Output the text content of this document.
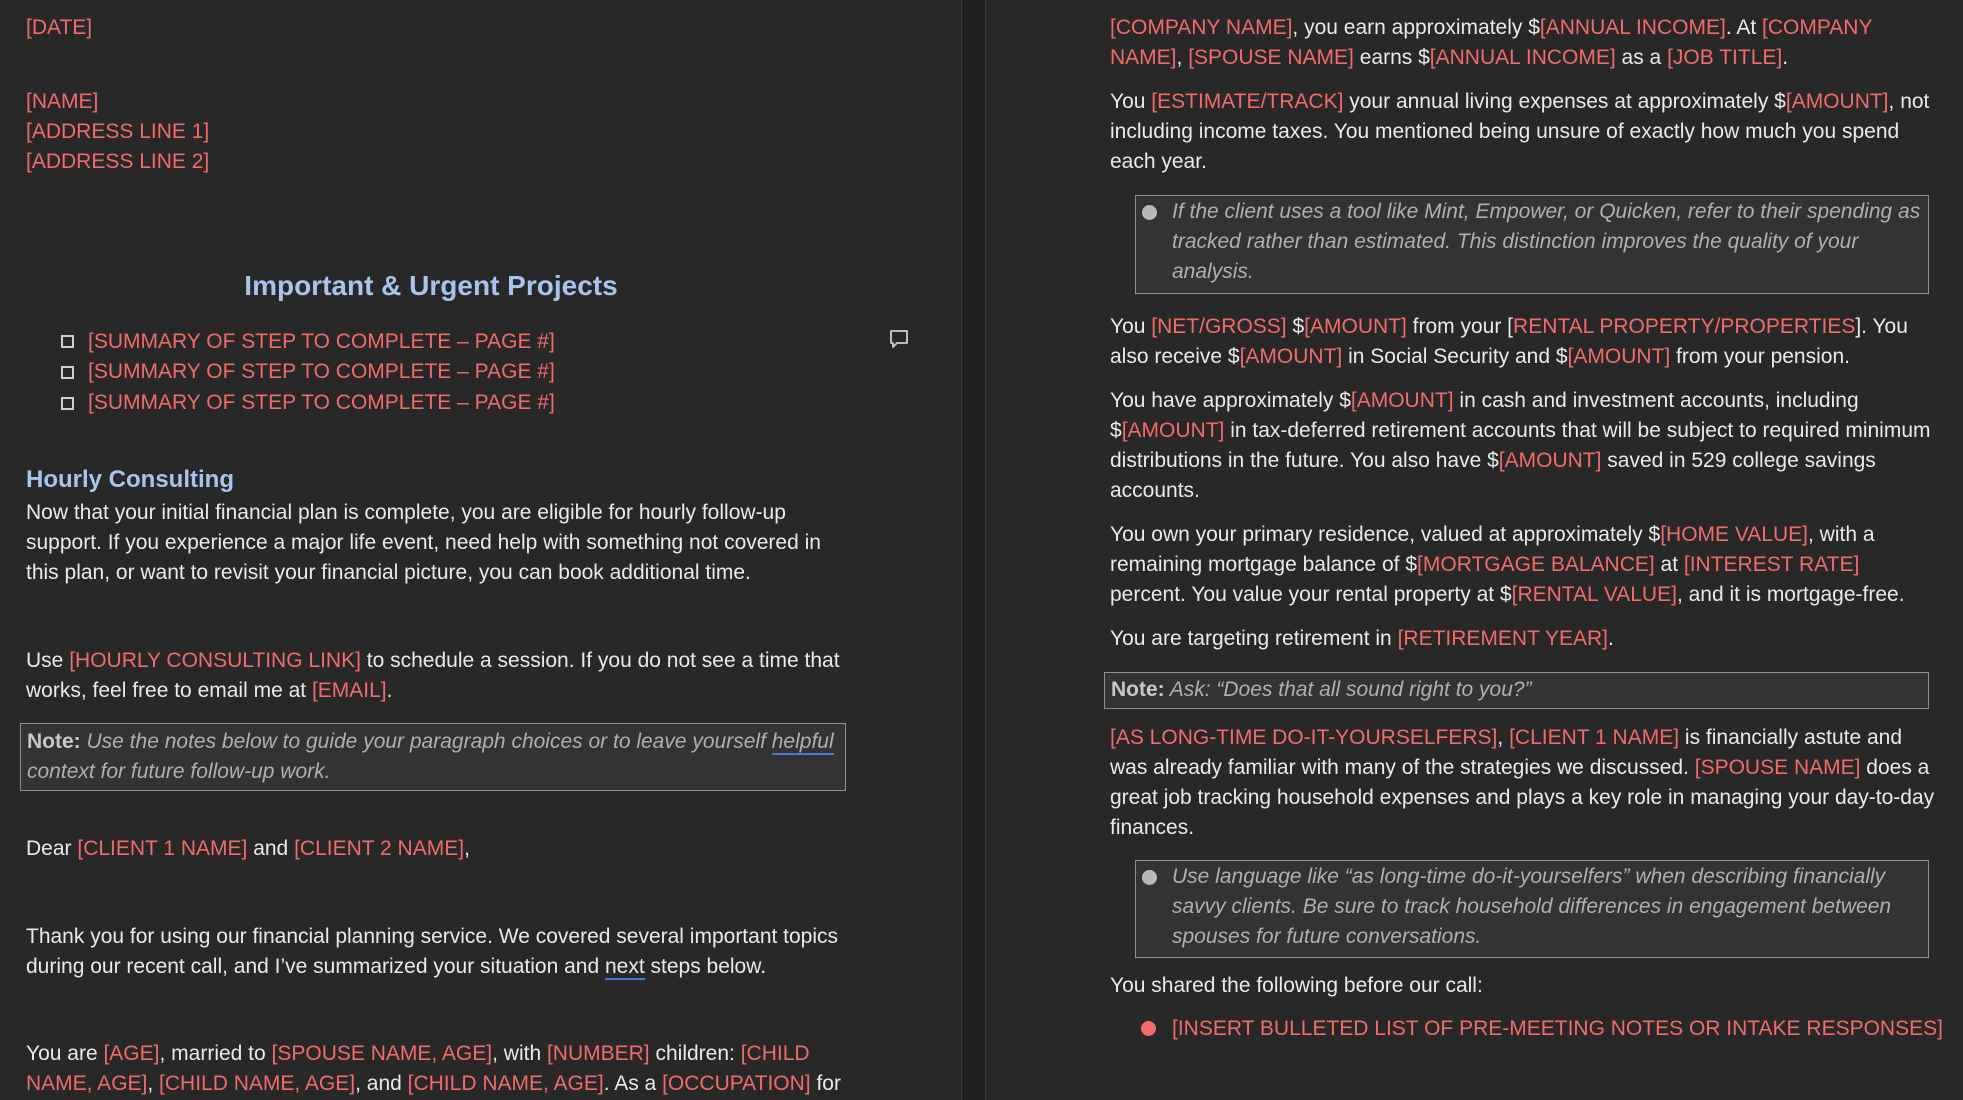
[DATE]

[NAME]
[ADDRESS LINE 1]
[ADDRESS LINE 2]

Important & Urgent Projects

[SUMMARY OF STEP TO COMPLETE – PAGE #]

[SUMMARY OF STEP TO COMPLETE – PAGE #]

[SUMMARY OF STEP TO COMPLETE – PAGE #]

Hourly Consulting

Now that your initial financial plan is complete, you are eligible for hourly follow-up support. If you experience a major life event, need help with something not covered in this plan, or want to revisit your financial picture, you can book additional time.

Use [HOURLY CONSULTING LINK] to schedule a session. If you do not see a time that works, feel free to email me at [EMAIL].

Note: Use the notes below to guide your paragraph choices or to leave yourself helpful context for future follow-up work.

Dear [CLIENT 1 NAME] and [CLIENT 2 NAME],

Thank you for using our financial planning service. We covered several important topics during our recent call, and I’ve summarized your situation and next steps below.

You are [AGE], married to [SPOUSE NAME, AGE], with [NUMBER] children: [CHILD NAME, AGE], [CHILD NAME, AGE], and [CHILD NAME, AGE]. As a [OCCUPATION] for

[COMPANY NAME], you earn approximately $[ANNUAL INCOME]. At [COMPANY NAME], [SPOUSE NAME] earns $[ANNUAL INCOME] as a [JOB TITLE].

You [ESTIMATE/TRACK] your annual living expenses at approximately $[AMOUNT], not including income taxes. You mentioned being unsure of exactly how much you spend each year.

If the client uses a tool like Mint, Empower, or Quicken, refer to their spending as tracked rather than estimated. This distinction improves the quality of your analysis.

You [NET/GROSS] $[AMOUNT] from your [RENTAL PROPERTY/PROPERTIES]. You also receive $[AMOUNT] in Social Security and $[AMOUNT] from your pension.

You have approximately $[AMOUNT] in cash and investment accounts, including $[AMOUNT] in tax-deferred retirement accounts that will be subject to required minimum distributions in the future. You also have $[AMOUNT] saved in 529 college savings accounts.

You own your primary residence, valued at approximately $[HOME VALUE], with a remaining mortgage balance of $[MORTGAGE BALANCE] at [INTEREST RATE] percent. You value your rental property at $[RENTAL VALUE], and it is mortgage-free.

You are targeting retirement in [RETIREMENT YEAR].

Note: Ask: “Does that all sound right to you?”

[AS LONG-TIME DO-IT-YOURSELFERS], [CLIENT 1 NAME] is financially astute and was already familiar with many of the strategies we discussed. [SPOUSE NAME] does a great job tracking household expenses and plays a key role in managing your day-to-day finances.

Use language like “as long-time do-it-yourselfers” when describing financially savvy clients. Be sure to track household differences in engagement between spouses for future conversations.

You shared the following before our call:

[INSERT BULLETED LIST OF PRE-MEETING NOTES OR INTAKE RESPONSES]
